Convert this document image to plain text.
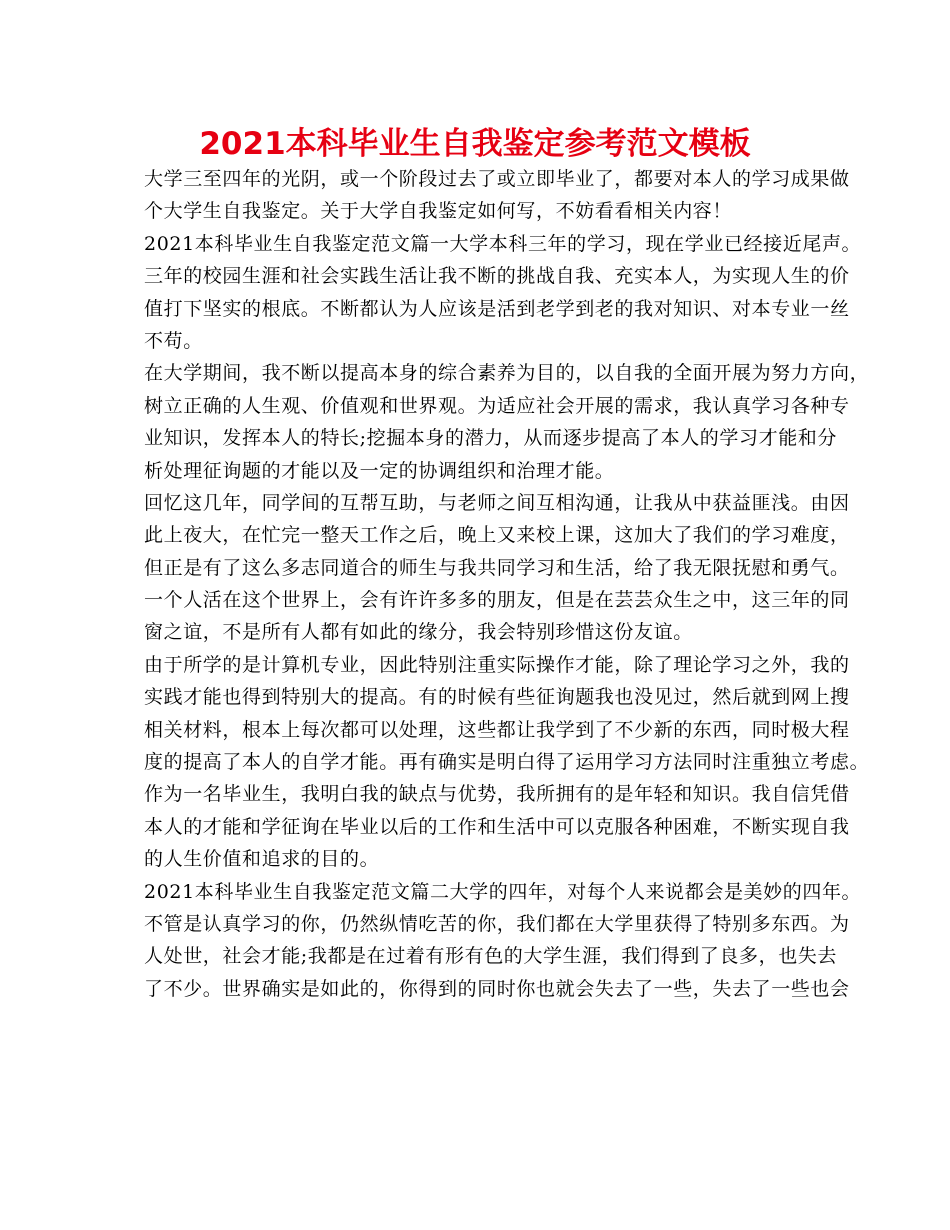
2021本科毕业生自我鉴定参考范文模板
大学三至四年的光阴，或一个阶段过去了或立即毕业了，都要对本人的学习成果做
个大学生自我鉴定。关于大学自我鉴定如何写，不妨看看相关内容！
2021本科毕业生自我鉴定范文篇一大学本科三年的学习，现在学业已经接近尾声。
三年的校园生涯和社会实践生活让我不断的挑战自我、充实本人，为实现人生的价
值打下坚实的根底。不断都认为人应该是活到老学到老的我对知识、对本专业一丝
不苟。
在大学期间，我不断以提高本身的综合素养为目的，以自我的全面开展为努力方向，
树立正确的人生观、价值观和世界观。为适应社会开展的需求，我认真学习各种专
业知识，发挥本人的特长;挖掘本身的潜力，从而逐步提高了本人的学习才能和分
析处理征询题的才能以及一定的协调组织和治理才能。
回忆这几年，同学间的互帮互助，与老师之间互相沟通，让我从中获益匪浅。由因
此上夜大，在忙完一整天工作之后，晚上又来校上课，这加大了我们的学习难度，
但正是有了这么多志同道合的师生与我共同学习和生活，给了我无限抚慰和勇气。
一个人活在这个世界上，会有许许多多的朋友，但是在芸芸众生之中，这三年的同
窗之谊，不是所有人都有如此的缘分，我会特别珍惜这份友谊。
由于所学的是计算机专业，因此特别注重实际操作才能，除了理论学习之外，我的
实践才能也得到特别大的提高。有的时候有些征询题我也没见过，然后就到网上搜
相关材料，根本上每次都可以处理，这些都让我学到了不少新的东西，同时极大程
度的提高了本人的自学才能。再有确实是明白得了运用学习方法同时注重独立考虑。
作为一名毕业生，我明白我的缺点与优势，我所拥有的是年轻和知识。我自信凭借
本人的才能和学征询在毕业以后的工作和生活中可以克服各种困难，不断实现自我
的人生价值和追求的目的。
2021本科毕业生自我鉴定范文篇二大学的四年，对每个人来说都会是美妙的四年。
不管是认真学习的你，仍然纵情吃苦的你，我们都在大学里获得了特别多东西。为
人处世，社会才能;我都是在过着有形有色的大学生涯，我们得到了良多，也失去
了不少。世界确实是如此的，你得到的同时你也就会失去了一些，失去了一些也会
